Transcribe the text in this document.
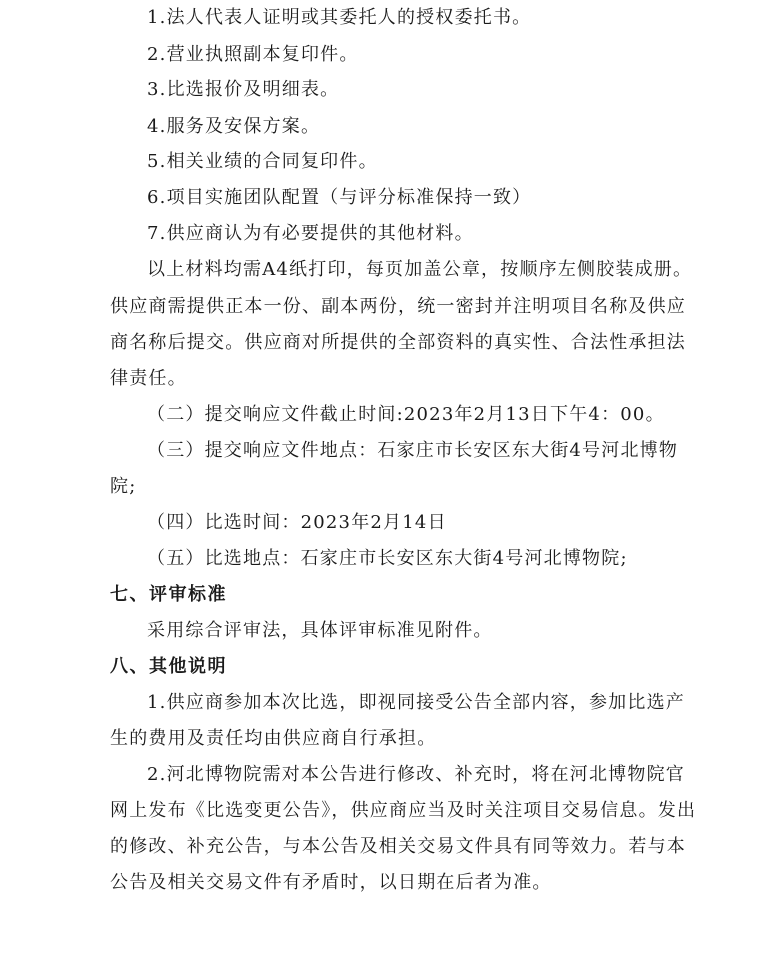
1.法人代表人证明或其委托人的授权委托书。
2.营业执照副本复印件。
3.比选报价及明细表。
4.服务及安保方案。
5.相关业绩的合同复印件。
6.项目实施团队配置（与评分标准保持一致）
7.供应商认为有必要提供的其他材料。
以上材料均需A4纸打印，每页加盖公章，按顺序左侧胶装成册。
供应商需提供正本一份、副本两份，统一密封并注明项目名称及供应
商名称后提交。供应商对所提供的全部资料的真实性、合法性承担法
律责任。
（二）提交响应文件截止时间:2023年2月13日下午4：00。
（三）提交响应文件地点：石家庄市长安区东大街4号河北博物
院;
（四）比选时间：2023年2月14日
（五）比选地点：石家庄市长安区东大街4号河北博物院;
七、评审标准
采用综合评审法，具体评审标准见附件。
八、其他说明
1.供应商参加本次比选，即视同接受公告全部内容，参加比选产
生的费用及责任均由供应商自行承担。
2.河北博物院需对本公告进行修改、补充时，将在河北博物院官
网上发布《比选变更公告》，供应商应当及时关注项目交易信息。发出
的修改、补充公告，与本公告及相关交易文件具有同等效力。若与本
公告及相关交易文件有矛盾时，以日期在后者为准。
